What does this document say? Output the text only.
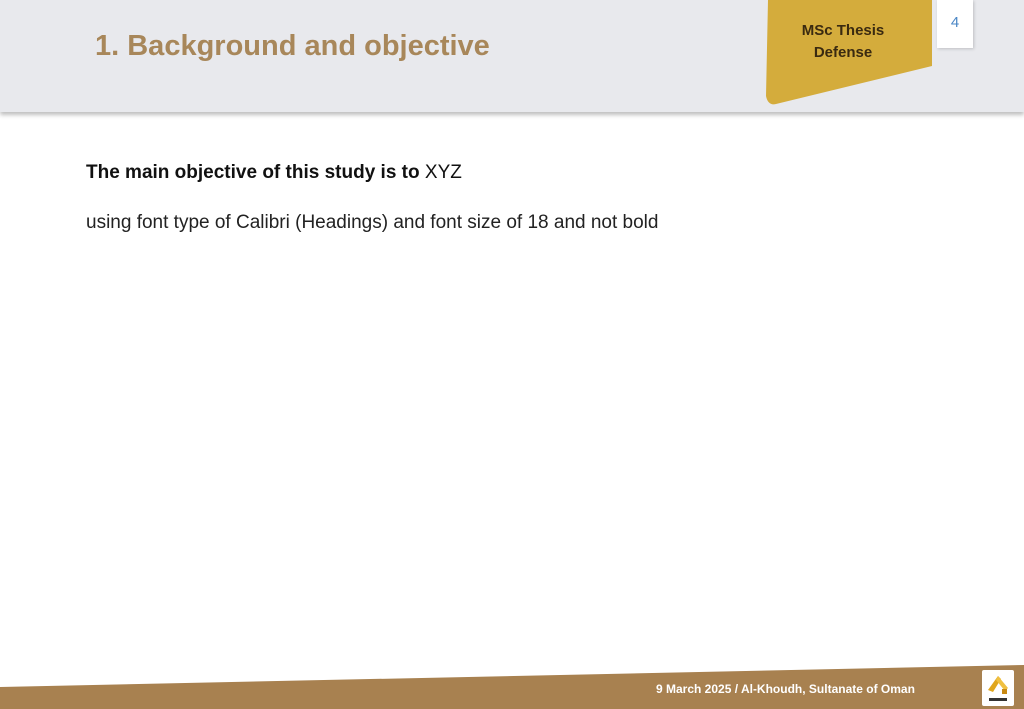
1. Background and objective	MSc Thesis
Defense
4

The main objective of this study is to XYZ

using font type of Calibri (Headings) and font size of 18 and not bold

9 March 2025 / Al-Khoudh, Sultanate of Oman
